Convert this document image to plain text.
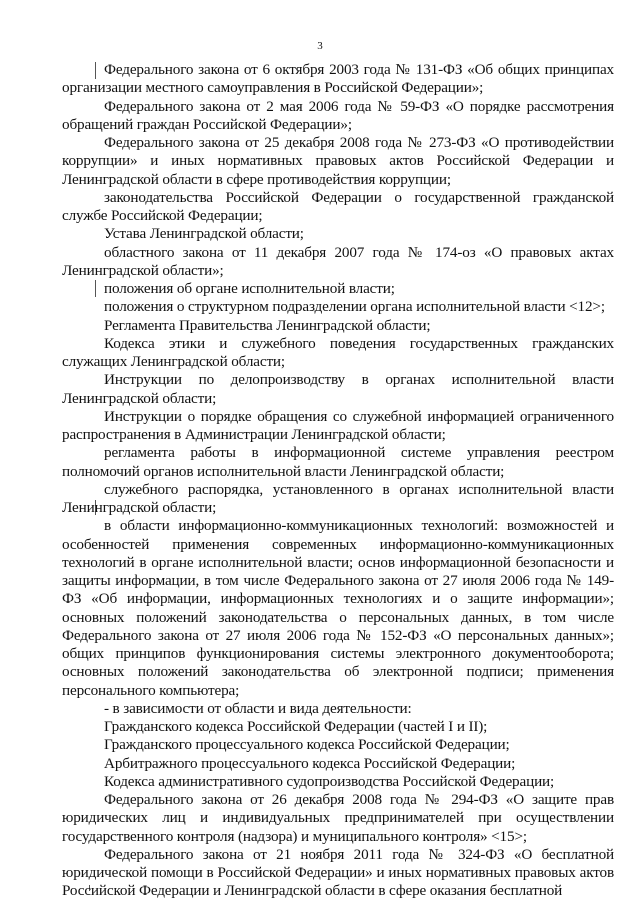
3

Федерального закона от 6 октября 2003 года № 131-ФЗ «Об общих принципах организации местного самоуправления в Российской Федерации»;

Федерального закона от 2 мая 2006 года № 59-ФЗ «О порядке рассмотрения обращений граждан Российской Федерации»;

Федерального закона от 25 декабря 2008 года № 273-ФЗ «О противодействии коррупции» и иных нормативных правовых актов Российской Федерации и Ленинградской области в сфере противодействия коррупции;

законодательства Российской Федерации о государственной гражданской службе Российской Федерации;

Устава Ленинградской области;

областного закона от 11 декабря 2007 года № 174-оз «О правовых актах Ленинградской области»;

положения об органе исполнительной власти;

положения о структурном подразделении органа исполнительной власти <12>;

Регламента Правительства Ленинградской области;

Кодекса этики и служебного поведения государственных гражданских служащих Ленинградской области;

Инструкции по делопроизводству в органах исполнительной власти Ленинградской области;

Инструкции о порядке обращения со служебной информацией ограниченного распространения в Администрации Ленинградской области;

регламента работы в информационной системе управления реестром полномочий органов исполнительной власти Ленинградской области;

служебного распорядка, установленного в органах исполнительной власти Ленинградской области;

в области информационно-коммуникационных технологий: возможностей и особенностей применения современных информационно-коммуникационных технологий в органе исполнительной власти; основ информационной безопасности и защиты информации, в том числе Федерального закона от 27 июля 2006 года № 149-ФЗ «Об информации, информационных технологиях и о защите информации»; основных положений законодательства о персональных данных, в том числе Федерального закона от 27 июля 2006 года № 152-ФЗ «О персональных данных»; общих принципов функционирования системы электронного документооборота; основных положений законодательства об электронной подписи; применения персонального компьютера;

- в зависимости от области и вида деятельности:

Гражданского кодекса Российской Федерации (частей I и II);

Гражданского процессуального кодекса Российской Федерации;

Арбитражного процессуального кодекса Российской Федерации;

Кодекса административного судопроизводства Российской Федерации;

Федерального закона от 26 декабря 2008 года № 294-ФЗ «О защите прав юридических лиц и индивидуальных предпринимателей при осуществлении государственного контроля (надзора) и муниципального контроля» <15>;

Федерального закона от 21 ноября 2011 года № 324-ФЗ «О бесплатной юридической помощи в Российской Федерации» и иных нормативных правовых актов Российской Федерации и Ленинградской области в сфере оказания бесплатной
